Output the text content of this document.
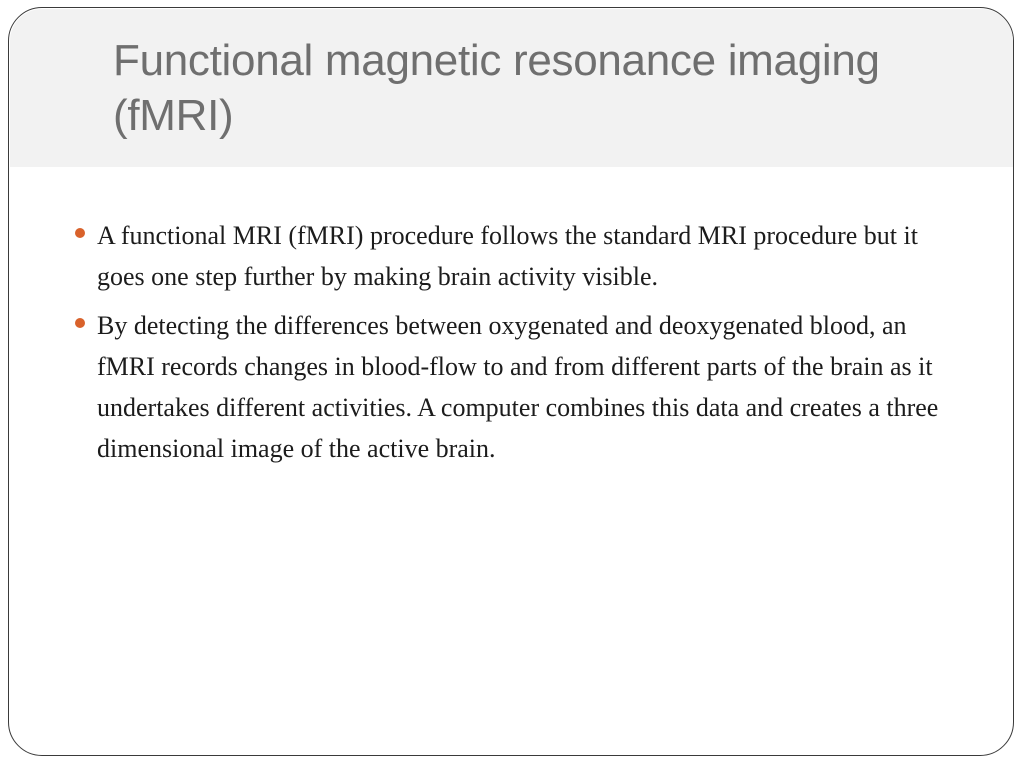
Functional magnetic resonance imaging (fMRI)
A functional MRI (fMRI) procedure follows the standard MRI procedure but it goes one step further by making brain activity visible.
By detecting the differences between oxygenated and deoxygenated blood, an fMRI records changes in blood-flow to and from different parts of the brain as it undertakes different activities. A computer combines this data and creates a three dimensional image of the active brain.
